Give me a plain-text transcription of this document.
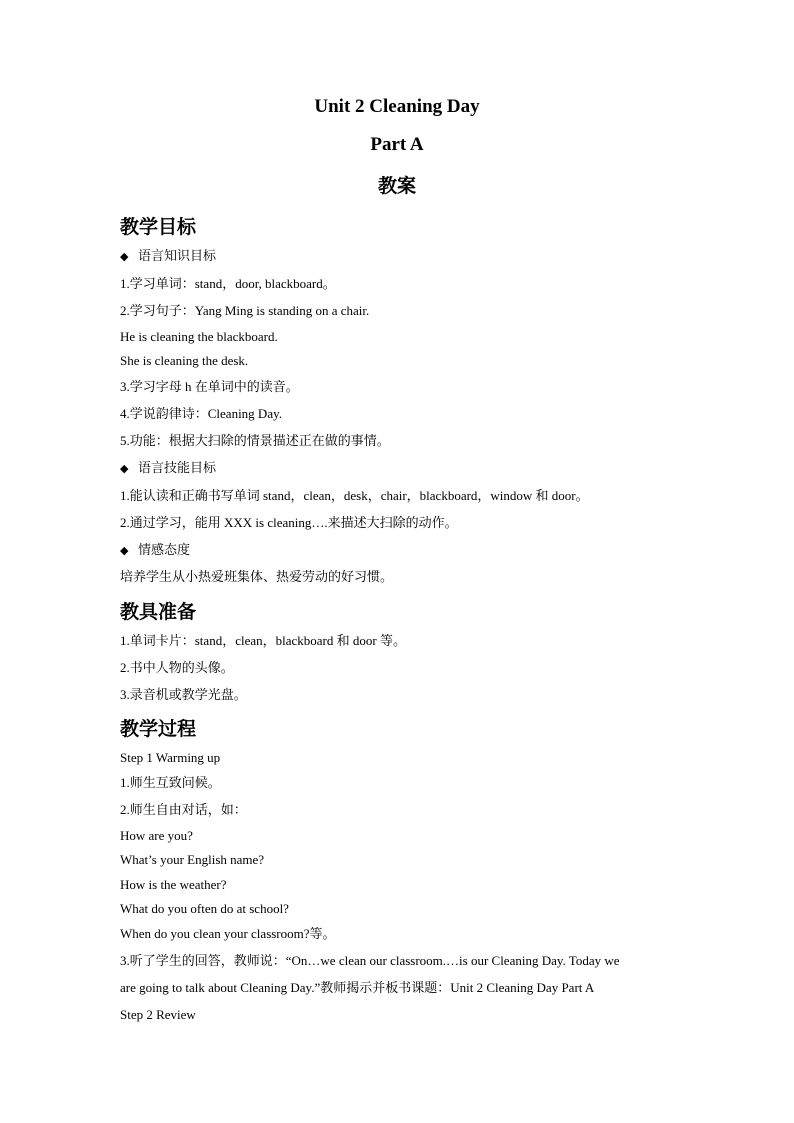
Unit 2 Cleaning Day
Part A
教案
教学目标
◆ 语言知识目标
1.学习单词：stand，door, blackboard。
2.学习句子：Yang Ming is standing on a chair.
He is cleaning the blackboard.
She is cleaning the desk.
3.学习字母 h 在单词中的读音。
4.学说韵律诗：Cleaning Day.
5.功能：根据大扫除的情景描述正在做的事情。
◆ 语言技能目标
1.能认读和正确书写单词 stand，clean，desk，chair，blackboard，window 和 door。
2.通过学习，能用 XXX is cleaning….来描述大扫除的动作。
◆ 情感态度
培养学生从小热爱班集体、热爱劳动的好习惯。
教具准备
1.单词卡片：stand，clean，blackboard 和 door 等。
2.书中人物的头像。
3.录音机或教学光盘。
教学过程
Step 1 Warming up
1.师生互致问候。
2.师生自由对话，如：
How are you?
What’s your English name?
How is the weather?
What do you often do at school?
When do you clean your classroom?等。
3.听了学生的回答，教师说：“On…we clean our classroom.…is our Cleaning Day. Today we
are going to talk about Cleaning Day.”教师揭示并板书课题：Unit 2 Cleaning Day Part A
Step 2 Review
